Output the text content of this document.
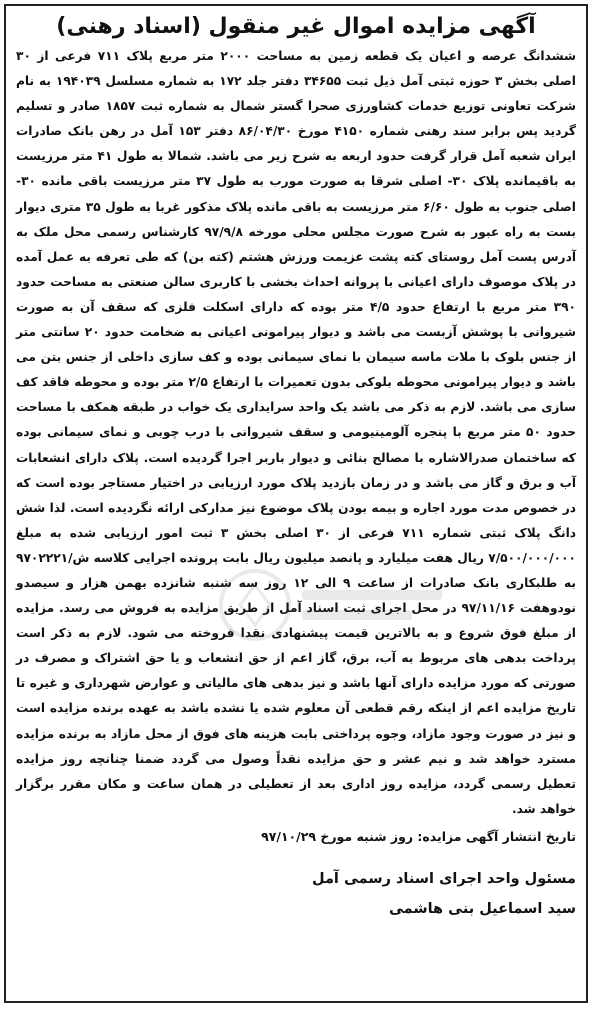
آگهی مزایده اموال غیر منقول (اسناد رهنی)

ششدانگ عرصه و اعیان یک قطعه زمین به مساحت ۲۰۰۰ متر مربع پلاک ۷۱۱ فرعی از ۳۰ اصلی بخش ۳ حوزه ثبتی آمل ذیل ثبت ۳۴۶۵۵ دفتر جلد ۱۷۲ به شماره مسلسل ۱۹۴۰۳۹ به نام شرکت تعاونی توزیع خدمات کشاورزی صحرا گستر شمال به شماره ثبت ۱۸۵۷ صادر و تسلیم گردید پس برابر سند رهنی شماره ۴۱۵۰ مورخ ۸۶/۰۴/۳۰ دفتر ۱۵۳ آمل در رهن بانک صادرات ایران شعبه آمل قرار گرفت حدود اربعه به شرح زیر می باشد. شمالا به طول ۴۱ متر مرزیست به باقیمانده پلاک ۳۰- اصلی شرقا به صورت مورب به طول ۳۷ متر مرزیست باقی مانده ۳۰- اصلی جنوب به طول ۶/۶۰ متر مرزیست به باقی مانده پلاک مذکور غربا به طول ۳۵ متری دیوار بست به راه عبور به شرح صورت مجلس محلی مورخه ۹۷/۹/۸ کارشناس رسمی محل ملک به آدرس پست آمل روستای کته پشت عزیمت ورزش هشتم (کته بن) که طی تعرفه به عمل آمده در پلاک موصوف دارای اعیانی با پروانه احداث بخشی با کاربری سالن صنعتی به مساحت حدود ۳۹۰ متر مربع با ارتفاع حدود ۴/۵ متر بوده که دارای اسکلت فلزی که سقف آن به صورت شیروانی با پوشش آزبست می باشد و دیوار پیرامونی اعیانی به ضخامت حدود ۲۰ سانتی متر از جنس بلوک با ملات ماسه سیمان با نمای سیمانی بوده و کف سازی داخلی از جنس بتن می باشد و دیوار پیرامونی محوطه بلوکی بدون تعمیرات با ارتفاع ۲/۵ متر بوده و محوطه فاقد کف سازی می باشد. لازم به ذکر می باشد یک واحد سرایداری یک خواب در طبقه همکف با مساحت حدود ۵۰ متر مربع با پنجره آلومینیومی و سقف شیروانی با درب چوبی و نمای سیمانی بوده که ساختمان صدرالاشاره با مصالح بنائی و دیوار باربر اجرا گردیده است. پلاک دارای انشعابات آب و برق و گاز می باشد و در زمان بازدید پلاک مورد ارزیابی در اختیار مستاجر بوده است که در خصوص مدت مورد اجاره و بیمه بودن پلاک موضوع نیز مدارکی ارائه نگردیده است. لذا شش دانگ پلاک ثبتی شماره ۷۱۱ فرعی از ۳۰ اصلی بخش ۳ ثبت امور ارزیابی شده به مبلغ ۷/۵۰۰/۰۰۰/۰۰۰ ریال هفت میلیارد و پانصد میلیون ریال بابت پرونده اجرایی کلاسه ش/۹۷۰۲۲۲۱ به طلبکاری بانک صادرات از ساعت ۹ الی ۱۲ روز سه شنبه شانزده بهمن هزار و سیصدو نودوهفت ۹۷/۱۱/۱۶ در محل اجرای ثبت اسناد آمل از طریق مزایده به فروش می رسد. مزایده از مبلغ فوق شروع و به بالاترین قیمت پیشنهادی نقدا فروخته می شود. لازم به ذکر است پرداخت بدهی های مربوط به آب، برق، گاز اعم از حق انشعاب و یا حق اشتراک و مصرف در صورتی که مورد مزایده دارای آنها باشد و نیز بدهی های مالیاتی و عوارض شهرداری و غیره تا تاریخ مزایده اعم از اینکه رقم قطعی آن معلوم شده یا نشده باشد به عهده برنده مزایده است و نیز در صورت وجود مازاد، وجوه پرداختی بابت هزینه های فوق از محل مازاد به برنده مزایده مسترد خواهد شد و نیم عشر و حق مزایده نقداً وصول می گردد ضمنا چنانچه روز مزایده تعطیل رسمی گردد، مزایده روز اداری بعد از تعطیلی در همان ساعت و مکان مقرر برگزار خواهد شد.

تاریخ انتشار آگهی مزایده: روز شنبه مورخ ۹۷/۱۰/۲۹

مسئول واحد اجرای اسناد رسمی آمل
سید اسماعیل بنی هاشمی
